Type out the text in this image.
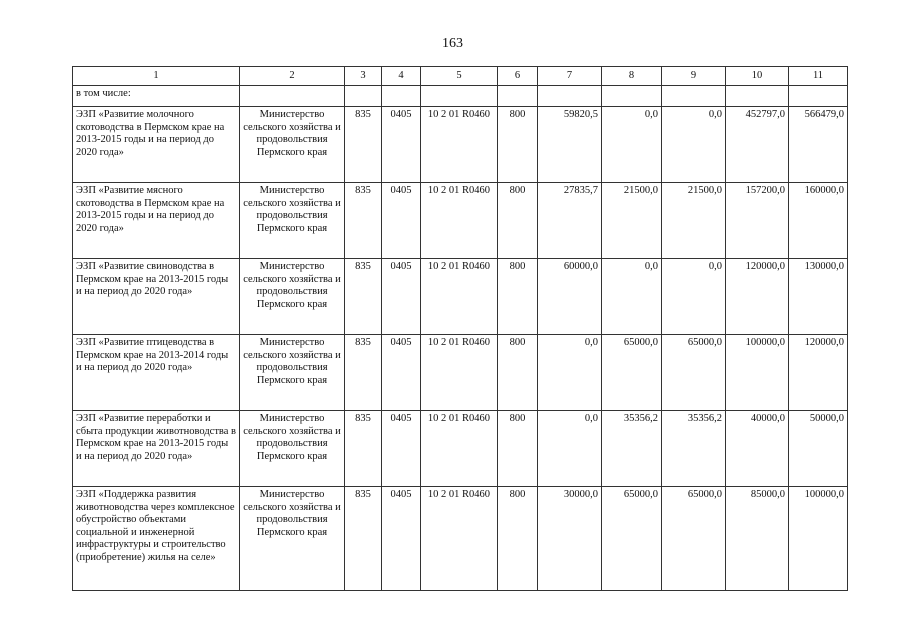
163
1	2	3	4	5	6	7	8	9	10	11
в том числе:										
ЭЗП «Развитие молочного скотоводства в Пермском крае на 2013-2015 годы и на период до 2020 года»	Министерство сельского хозяйства и продовольствия Пермского края	835	0405	10 2 01 R0460	800	59820,5	0,0	0,0	452797,0	566479,0
ЭЗП «Развитие мясного скотоводства в Пермском крае на 2013-2015 годы и на период до 2020 года»	Министерство сельского хозяйства и продовольствия Пермского края	835	0405	10 2 01 R0460	800	27835,7	21500,0	21500,0	157200,0	160000,0
ЭЗП «Развитие свиноводства в Пермском крае на 2013-2015 годы и на период до 2020 года»	Министерство сельского хозяйства и продовольствия Пермского края	835	0405	10 2 01 R0460	800	60000,0	0,0	0,0	120000,0	130000,0
ЭЗП «Развитие птицеводства в Пермском крае на 2013-2014 годы и на период до 2020 года»	Министерство сельского хозяйства и продовольствия Пермского края	835	0405	10 2 01 R0460	800	0,0	65000,0	65000,0	100000,0	120000,0
ЭЗП «Развитие переработки и сбыта продукции животноводства в Пермском крае на 2013-2015 годы и на период до 2020 года»	Министерство сельского хозяйства и продовольствия Пермского края	835	0405	10 2 01 R0460	800	0,0	35356,2	35356,2	40000,0	50000,0
ЭЗП «Поддержка развития животноводства через комплексное обустройство объектами социальной и инженерной инфраструктуры и строительство (приобретение) жилья на селе»	Министерство сельского хозяйства и продовольствия Пермского края	835	0405	10 2 01 R0460	800	30000,0	65000,0	65000,0	85000,0	100000,0
